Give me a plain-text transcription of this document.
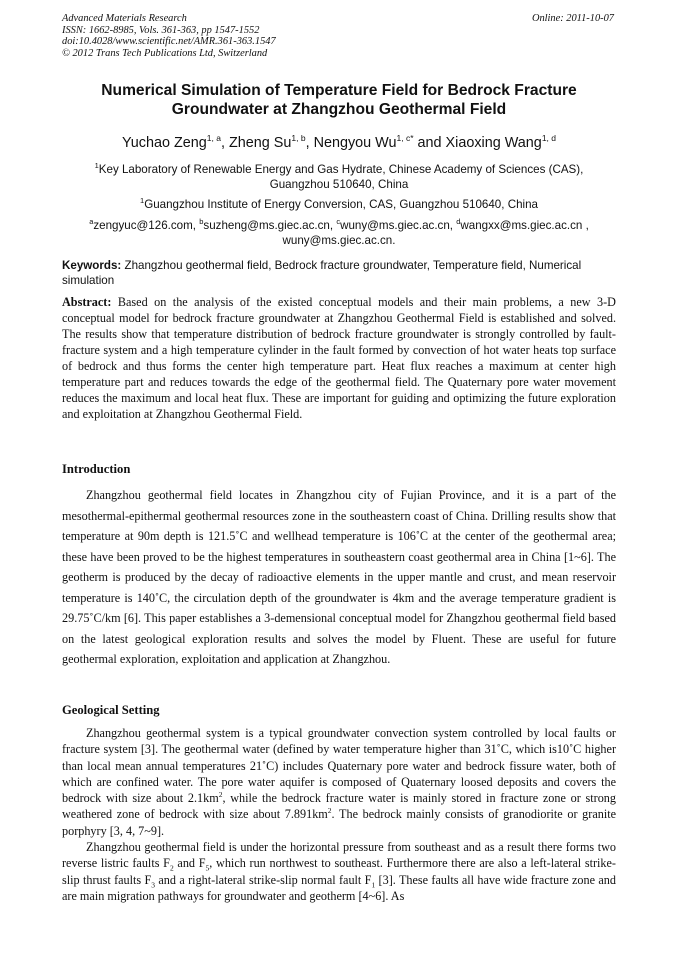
Advanced Materials Research
ISSN: 1662-8985, Vols. 361-363, pp 1547-1552
doi:10.4028/www.scientific.net/AMR.361-363.1547
© 2012 Trans Tech Publications Ltd, Switzerland
Online: 2011-10-07
Numerical Simulation of Temperature Field for Bedrock Fracture
Groundwater at Zhangzhou Geothermal Field
Yuchao Zeng$^{1, a}$, Zheng Su$^{1, b}$, Nengyou $Wu^{1, c*}$ and Xiaoxing Wang$^{1, d}$
$^1$Key Laboratory of Renewable Energy and Gas Hydrate, Chinese Academy of Sciences (CAS),
Guangzhou 510640, China
$^1$Guangzhou Institute of Energy Conversion, CAS, Guangzhou 510640, China
$^a$zengyuc@126.com, $^b$suzheng@ms.giec.ac.cn, $^c$wuny@ms.giec.ac.cn, $^d$wangxx@ms.giec.ac.cn ,
wuny@ms.giec.ac.cn.
Keywords: Zhangzhou geothermal field, Bedrock fracture groundwater, Temperature field, Numerical simulation
Abstract: Based on the analysis of the existed conceptual models and their main problems, a new 3-D conceptual model for bedrock fracture groundwater at Zhangzhou Geothermal Field is established and solved. The results show that temperature distribution of bedrock fracture groundwater is strongly controlled by fault-fracture system and a high temperature cylinder in the fault formed by convection of hot water heats top surface of bedrock and thus forms the center high temperature part. Heat flux reaches a maximum at center high temperature part and reduces towards the edge of the geothermal field. The Quaternary pore water movement reduces the maximum and local heat flux. These are important for guiding and optimizing the future exploration and exploitation at Zhangzhou Geothermal Field.
Introduction

Zhangzhou geothermal field locates in Zhangzhou city of Fujian Province, and it is a part of the mesothermal-epithermal geothermal resources zone in the southeastern coast of China. Drilling results show that temperature at 90m depth is 121.5˚C and wellhead temperature is 106˚C at the center of the geothermal area; these have been proved to be the highest temperatures in southeastern coast geothermal area in China [1~6]. The geotherm is produced by the decay of radioactive elements in the upper mantle and crust, and mean reservoir temperature is 140˚C, the circulation depth of the groundwater is 4km and the average temperature gradient is 29.75˚C/km [6]. This paper establishes a 3-demensional conceptual model for Zhangzhou geothermal field based on the latest geological exploration results and solves the model by Fluent. These are useful for future geothermal exploration, exploitation and application at Zhangzhou.

Geological Setting

Zhangzhou geothermal system is a typical groundwater convection system controlled by local faults or fracture system [3]. The geothermal water (defined by water temperature higher than 31˚C, which is10˚C higher than local mean annual temperatures 21˚C) includes Quaternary pore water and bedrock fissure water, both of which are confined water. The pore water aquifer is composed of Quaternary loosed deposits and covers the bedrock with size about $2.1km^2$, while the bedrock fracture water is mainly stored in fracture zone or strong weathered zone of bedrock with size about $7.891km^2$. The bedrock mainly consists of granodiorite or granite porphyry [3, 4, 7~9].

Zhangzhou geothermal field is under the horizontal pressure from southeast and as a result there forms two reverse listric faults $F_2$ and $F_5$, which run northwest to southeast. Furthermore there are also a left-lateral strike-slip thrust faults $F_3$ and a right-lateral strike-slip normal fault $F_1$ [3]. These faults all have wide fracture zone and are main migration pathways for groundwater and geotherm [4~6]. As
